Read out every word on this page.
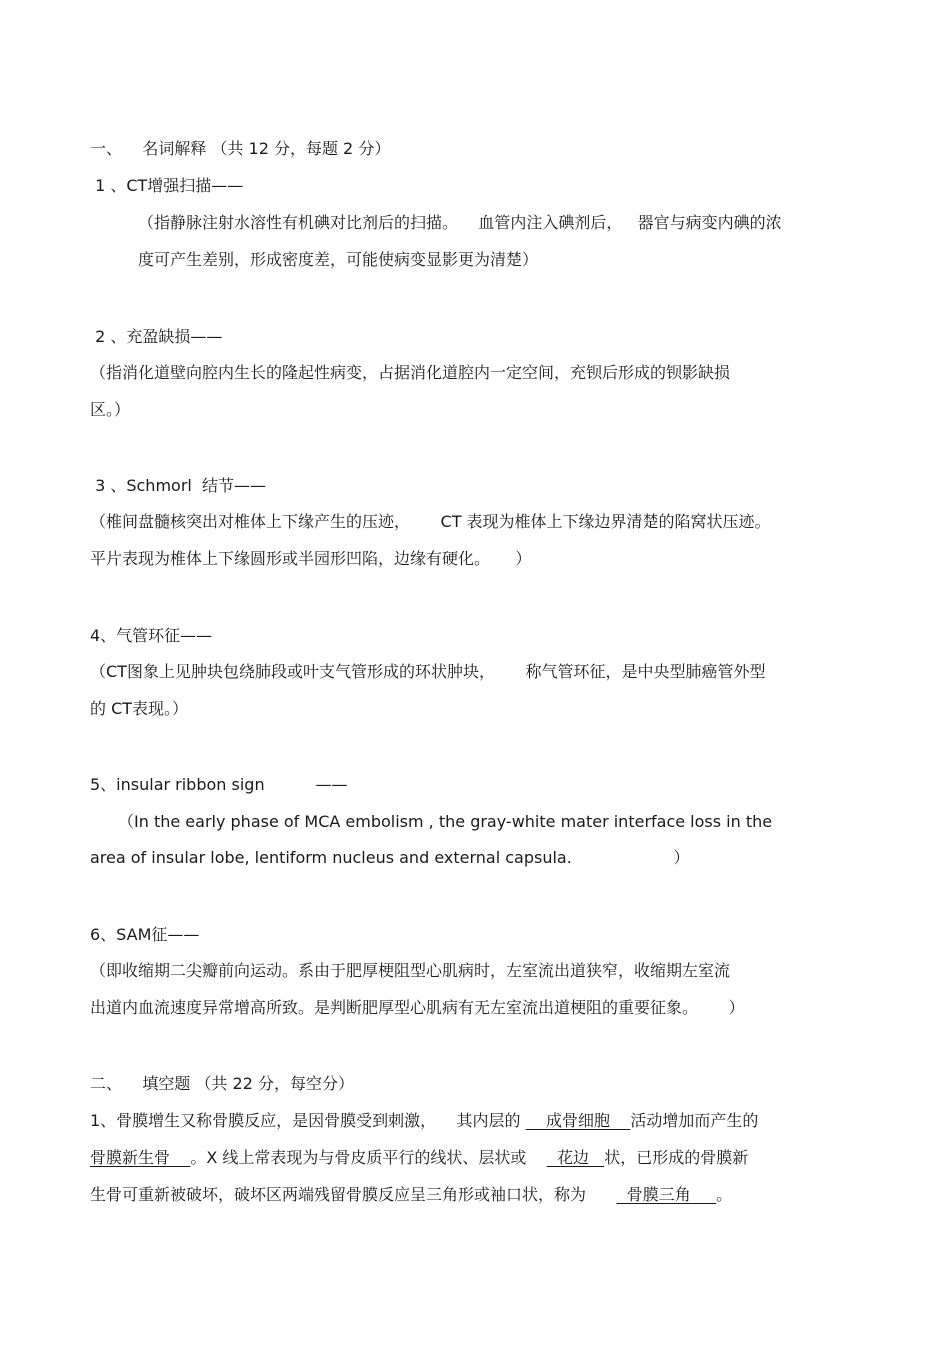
一、    名词解释 （共 12 分，每题 2 分）
1 、CT增强扫描——
（指静脉注射水溶性有机碘对比剂后的扫描。    血管内注入碘剂后，   器官与病变内碘的浓
度可产生差别，形成密度差，可能使病变显影更为清楚）
2 、充盈缺损——
（指消化道壁向腔内生长的隆起性病变，占据消化道腔内一定空间，充钡后形成的钡影缺损
区。）
3 、Schmorl  结节——
（椎间盘髓核突出对椎体上下缘产生的压迹，      CT 表现为椎体上下缘边界清楚的陷窝状压迹。
平片表现为椎体上下缘圆形或半园形凹陷，边缘有硬化。     ）
4、气管环征——
（CT图象上见肿块包绕肺段或叶支气管形成的环状肿块，      称气管环征，是中央型肺癌管外型
的 CT表现。）
5、insular ribbon sign          ——
（In the early phase of MCA embolism , the gray-white mater interface loss in the
area of insular lobe, lentiform nucleus and external capsula.                    ）
6、SAM征——
（即收缩期二尖瓣前向运动。系由于肥厚梗阻型心肌病时，左室流出道狭窄，收缩期左室流
出道内血流速度异常增高所致。是判断肥厚型心肌病有无左室流出道梗阻的重要征象。      ）
二、    填空题 （共 22 分，每空分）
1、骨膜增生又称骨膜反应，是因骨膜受到刺激，    其内层的     成骨细胞    活动增加而产生的
骨膜新生骨    。X 线上常表现为与骨皮质平行的线状、层状或      花边   状，已形成的骨膜新
生骨可重新被破坏，破坏区两端残留骨膜反应呈三角形或袖口状，称为        骨膜三角     。
